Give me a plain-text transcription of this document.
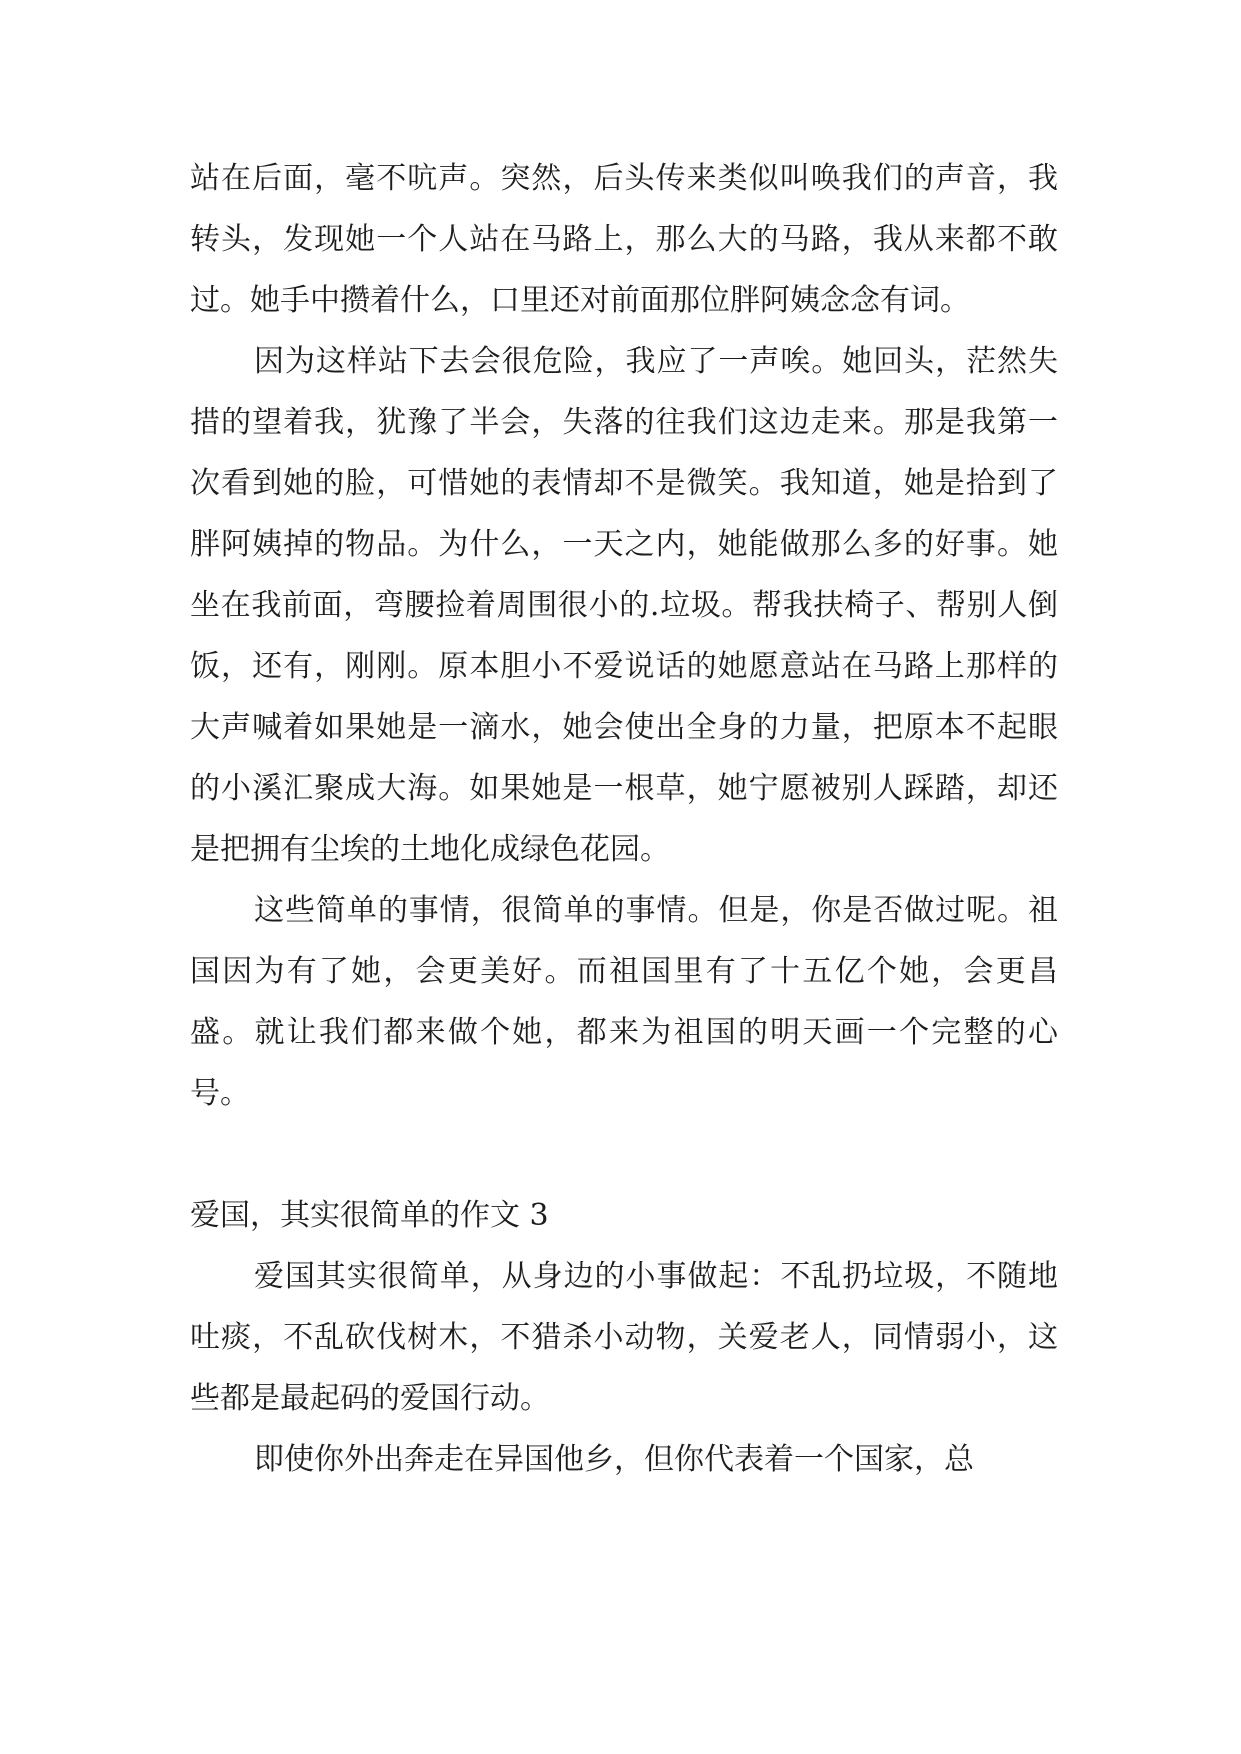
站在后面，毫不吭声。突然，后头传来类似叫唤我们的声音，我转头，发现她一个人站在马路上，那么大的马路，我从来都不敢过。她手中攒着什么，口里还对前面那位胖阿姨念念有词。

因为这样站下去会很危险，我应了一声唉。她回头，茫然失措的望着我，犹豫了半会，失落的往我们这边走来。那是我第一次看到她的脸，可惜她的表情却不是微笑。我知道，她是拾到了胖阿姨掉的物品。为什么，一天之内，她能做那么多的好事。她坐在我前面，弯腰捡着周围很小的.垃圾。帮我扶椅子、帮别人倒饭，还有，刚刚。原本胆小不爱说话的她愿意站在马路上那样的大声喊着如果她是一滴水，她会使出全身的力量，把原本不起眼的小溪汇聚成大海。如果她是一根草，她宁愿被别人踩踏，却还是把拥有尘埃的土地化成绿色花园。

这些简单的事情，很简单的事情。但是，你是否做过呢。祖国因为有了她，会更美好。而祖国里有了十五亿个她，会更昌盛。就让我们都来做个她，都来为祖国的明天画一个完整的心号。

爱国，其实很简单的作文 3

爱国其实很简单，从身边的小事做起：不乱扔垃圾，不随地吐痰，不乱砍伐树木，不猎杀小动物，关爱老人，同情弱小，这些都是最起码的爱国行动。

即使你外出奔走在异国他乡，但你代表着一个国家，总
